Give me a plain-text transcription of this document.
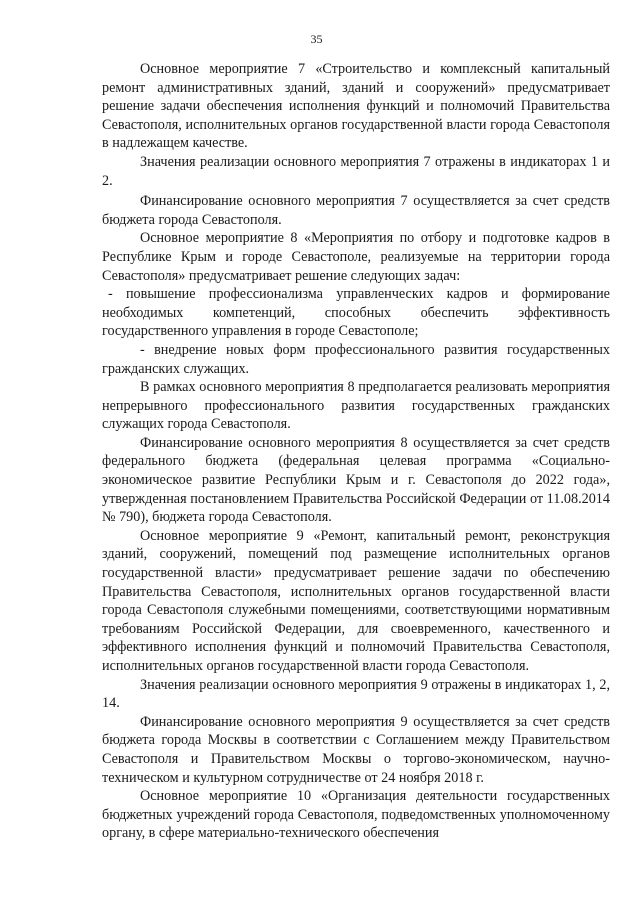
35

Основное мероприятие 7 «Строительство и комплексный капитальный ремонт административных зданий, зданий и сооружений» предусматривает решение задачи обеспечения исполнения функций и полномочий Правительства Севастополя, исполнительных органов государственной власти города Севастополя в надлежащем качестве.

Значения реализации основного мероприятия 7 отражены в индикаторах 1 и 2.

Финансирование основного мероприятия 7 осуществляется за счет средств бюджета города Севастополя.

Основное мероприятие 8 «Мероприятия по отбору и подготовке кадров в Республике Крым и городе Севастополе, реализуемые на территории города Севастополя» предусматривает решение следующих задач:

- повышение профессионализма управленческих кадров и формирование необходимых компетенций, способных обеспечить эффективность государственного управления в городе Севастополе;

- внедрение новых форм профессионального развития государственных гражданских служащих.

В рамках основного мероприятия 8 предполагается реализовать мероприятия непрерывного профессионального развития государственных гражданских служащих города Севастополя.

Финансирование основного мероприятия 8 осуществляется за счет средств федерального бюджета (федеральная целевая программа «Социально-экономическое развитие Республики Крым и г. Севастополя до 2022 года», утвержденная постановлением Правительства Российской Федерации от 11.08.2014 № 790), бюджета города Севастополя.

Основное мероприятие 9 «Ремонт, капитальный ремонт, реконструкция зданий, сооружений, помещений под размещение исполнительных органов государственной власти» предусматривает решение задачи по обеспечению Правительства Севастополя, исполнительных органов государственной власти города Севастополя служебными помещениями, соответствующими нормативным требованиям Российской Федерации, для своевременного, качественного и эффективного исполнения функций и полномочий Правительства Севастополя, исполнительных органов государственной власти города Севастополя.

Значения реализации основного мероприятия 9 отражены в индикаторах 1, 2, 14.

Финансирование основного мероприятия 9 осуществляется за счет средств бюджета города Москвы в соответствии с Соглашением между Правительством Севастополя и Правительством Москвы о торгово-экономическом, научно-техническом и культурном сотрудничестве от 24 ноября 2018 г.

Основное мероприятие 10 «Организация деятельности государственных бюджетных учреждений города Севастополя, подведомственных уполномоченному органу, в сфере материально-технического обеспечения
